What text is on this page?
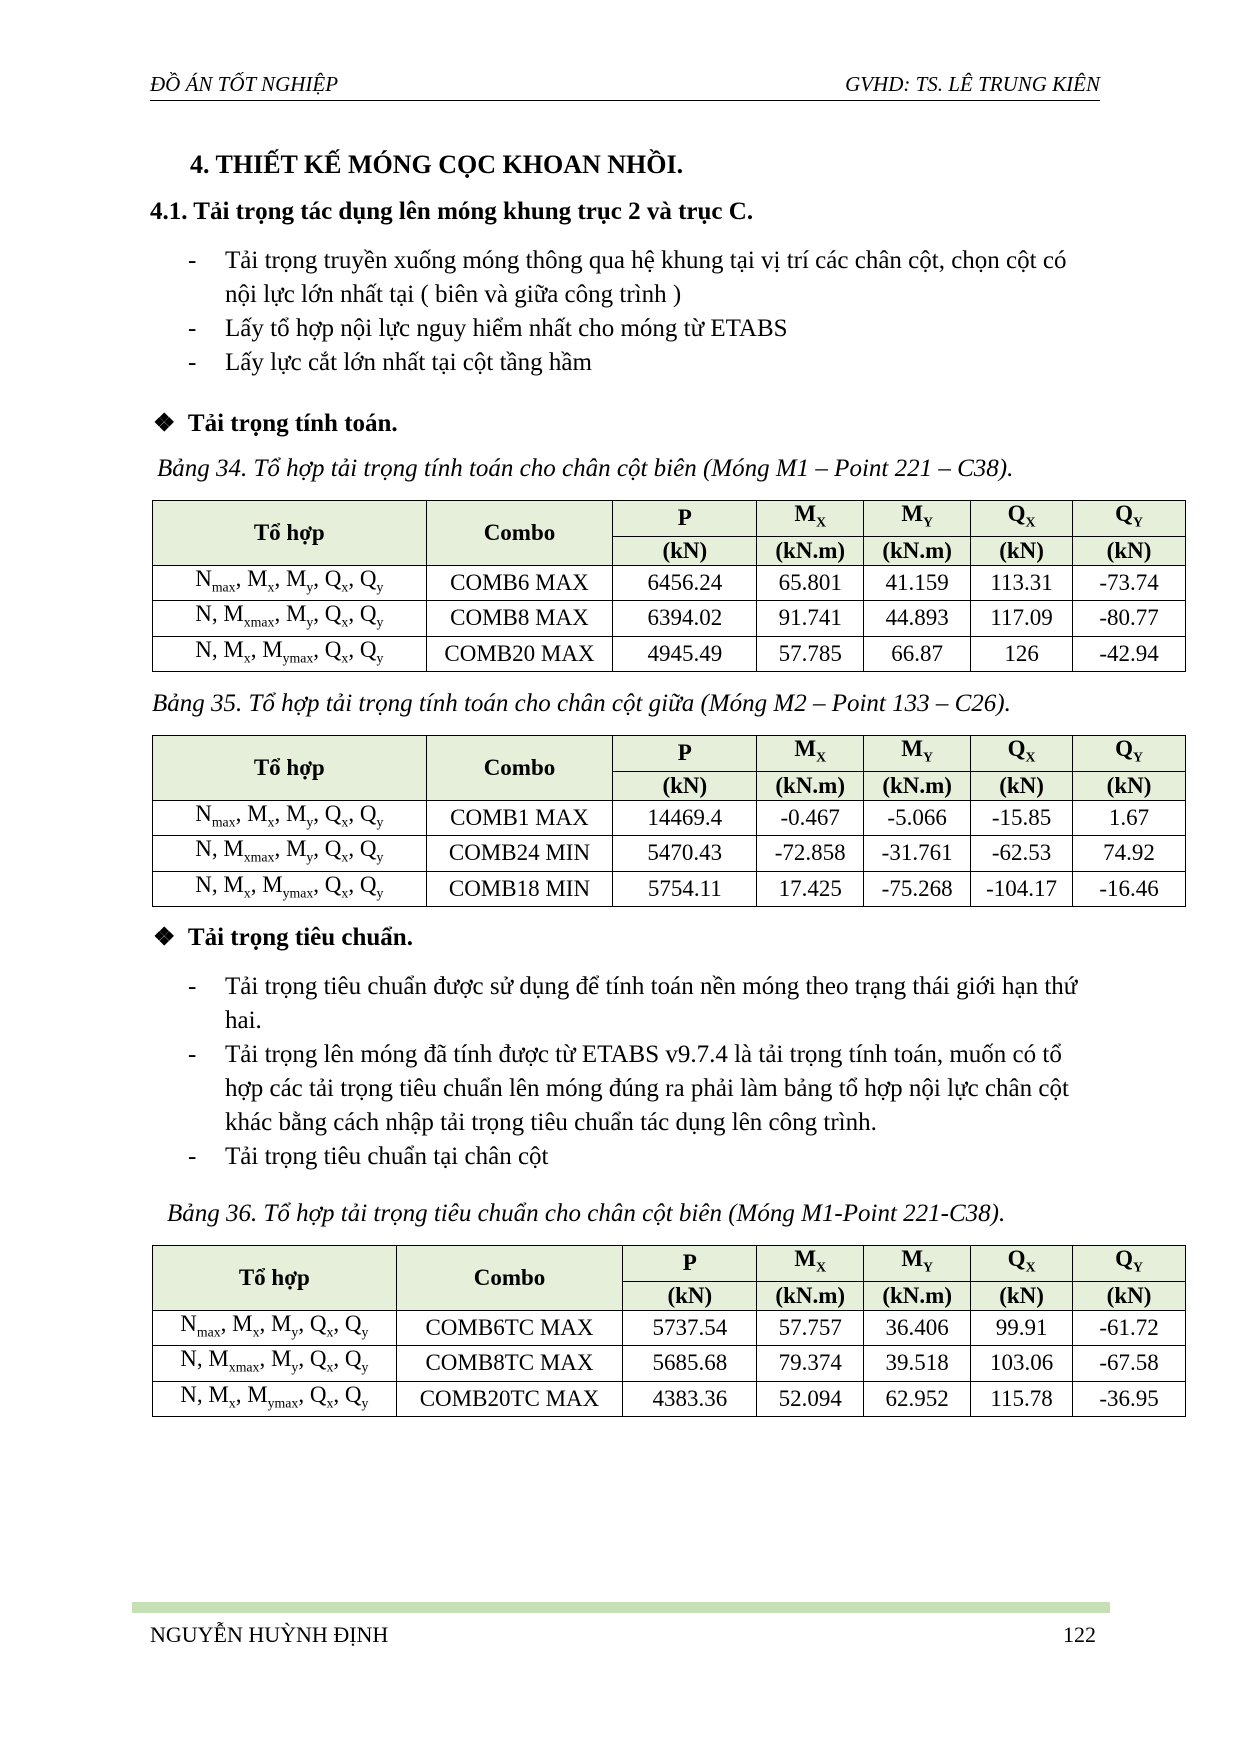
ĐỒ ÁN TỐT NGHIỆP	GVHD: TS. LÊ TRUNG KIÊN
4. THIẾT KẾ MÓNG CỌC KHOAN NHỒI.
4.1. Tải trọng tác dụng lên móng khung trục 2 và trục C.
- Tải trọng truyền xuống móng thông qua hệ khung tại vị trí các chân cột, chọn cột có nội lực lớn nhất tại ( biên và giữa công trình )
- Lấy tổ hợp nội lực nguy hiểm nhất cho móng từ ETABS
- Lấy lực cắt lớn nhất tại cột tầng hầm
❖ Tải trọng tính toán.
Bảng 34. Tổ hợp tải trọng tính toán cho chân cột biên (Móng M1 – Point 221 – C38).
Tổ hợp	Combo	P	$M_X$	$M_Y$	$Q_X$	$Q_Y$
		(kN)	(kN.m)	(kN.m)	(kN)	(kN)
$N_{max}$, $M_x$, $M_y$, $Q_x$, $Q_y$	COMB6 MAX	6456.24	65.801	41.159	113.31	-73.74
N, $M_{xmax}$, $M_y$, $Q_x$, $Q_y$	COMB8 MAX	6394.02	91.741	44.893	117.09	-80.77
N, $M_x$, $M_{ymax}$, $Q_x$, $Q_y$	COMB20 MAX	4945.49	57.785	66.87	126	-42.94
Bảng 35. Tổ hợp tải trọng tính toán cho chân cột giữa (Móng M2 – Point 133 – C26).
Tổ hợp	Combo	P	$M_X$	$M_Y$	$Q_X$	$Q_Y$
		(kN)	(kN.m)	(kN.m)	(kN)	(kN)
$N_{max}$, $M_x$, $M_y$, $Q_x$, $Q_y$	COMB1 MAX	14469.4	-0.467	-5.066	-15.85	1.67
N, $M_{xmax}$, $M_y$, $Q_x$, $Q_y$	COMB24 MIN	5470.43	-72.858	-31.761	-62.53	74.92
N, $M_x$, $M_{ymax}$, $Q_x$, $Q_y$	COMB18 MIN	5754.11	17.425	-75.268	-104.17	-16.46
❖ Tải trọng tiêu chuẩn.
- Tải trọng tiêu chuẩn được sử dụng để tính toán nền móng theo trạng thái giới hạn thứ hai.
- Tải trọng lên móng đã tính được từ ETABS v9.7.4 là tải trọng tính toán, muốn có tổ hợp các tải trọng tiêu chuẩn lên móng đúng ra phải làm bảng tổ hợp nội lực chân cột khác bằng cách nhập tải trọng tiêu chuẩn tác dụng lên công trình.
- Tải trọng tiêu chuẩn tại chân cột
Bảng 36. Tổ hợp tải trọng tiêu chuẩn cho chân cột biên (Móng M1-Point 221-C38).
Tổ hợp	Combo	P	$M_X$	$M_Y$	$Q_X$	$Q_Y$
		(kN)	(kN.m)	(kN.m)	(kN)	(kN)
$N_{max}$, $M_x$, $M_y$, $Q_x$, $Q_y$	COMB6TC MAX	5737.54	57.757	36.406	99.91	-61.72
N, $M_{xmax}$, $M_y$, $Q_x$, $Q_y$	COMB8TC MAX	5685.68	79.374	39.518	103.06	-67.58
N, $M_x$, $M_{ymax}$, $Q_x$, $Q_y$	COMB20TC MAX	4383.36	52.094	62.952	115.78	-36.95
NGUYỄN HUỲNH ĐỊNH	122
